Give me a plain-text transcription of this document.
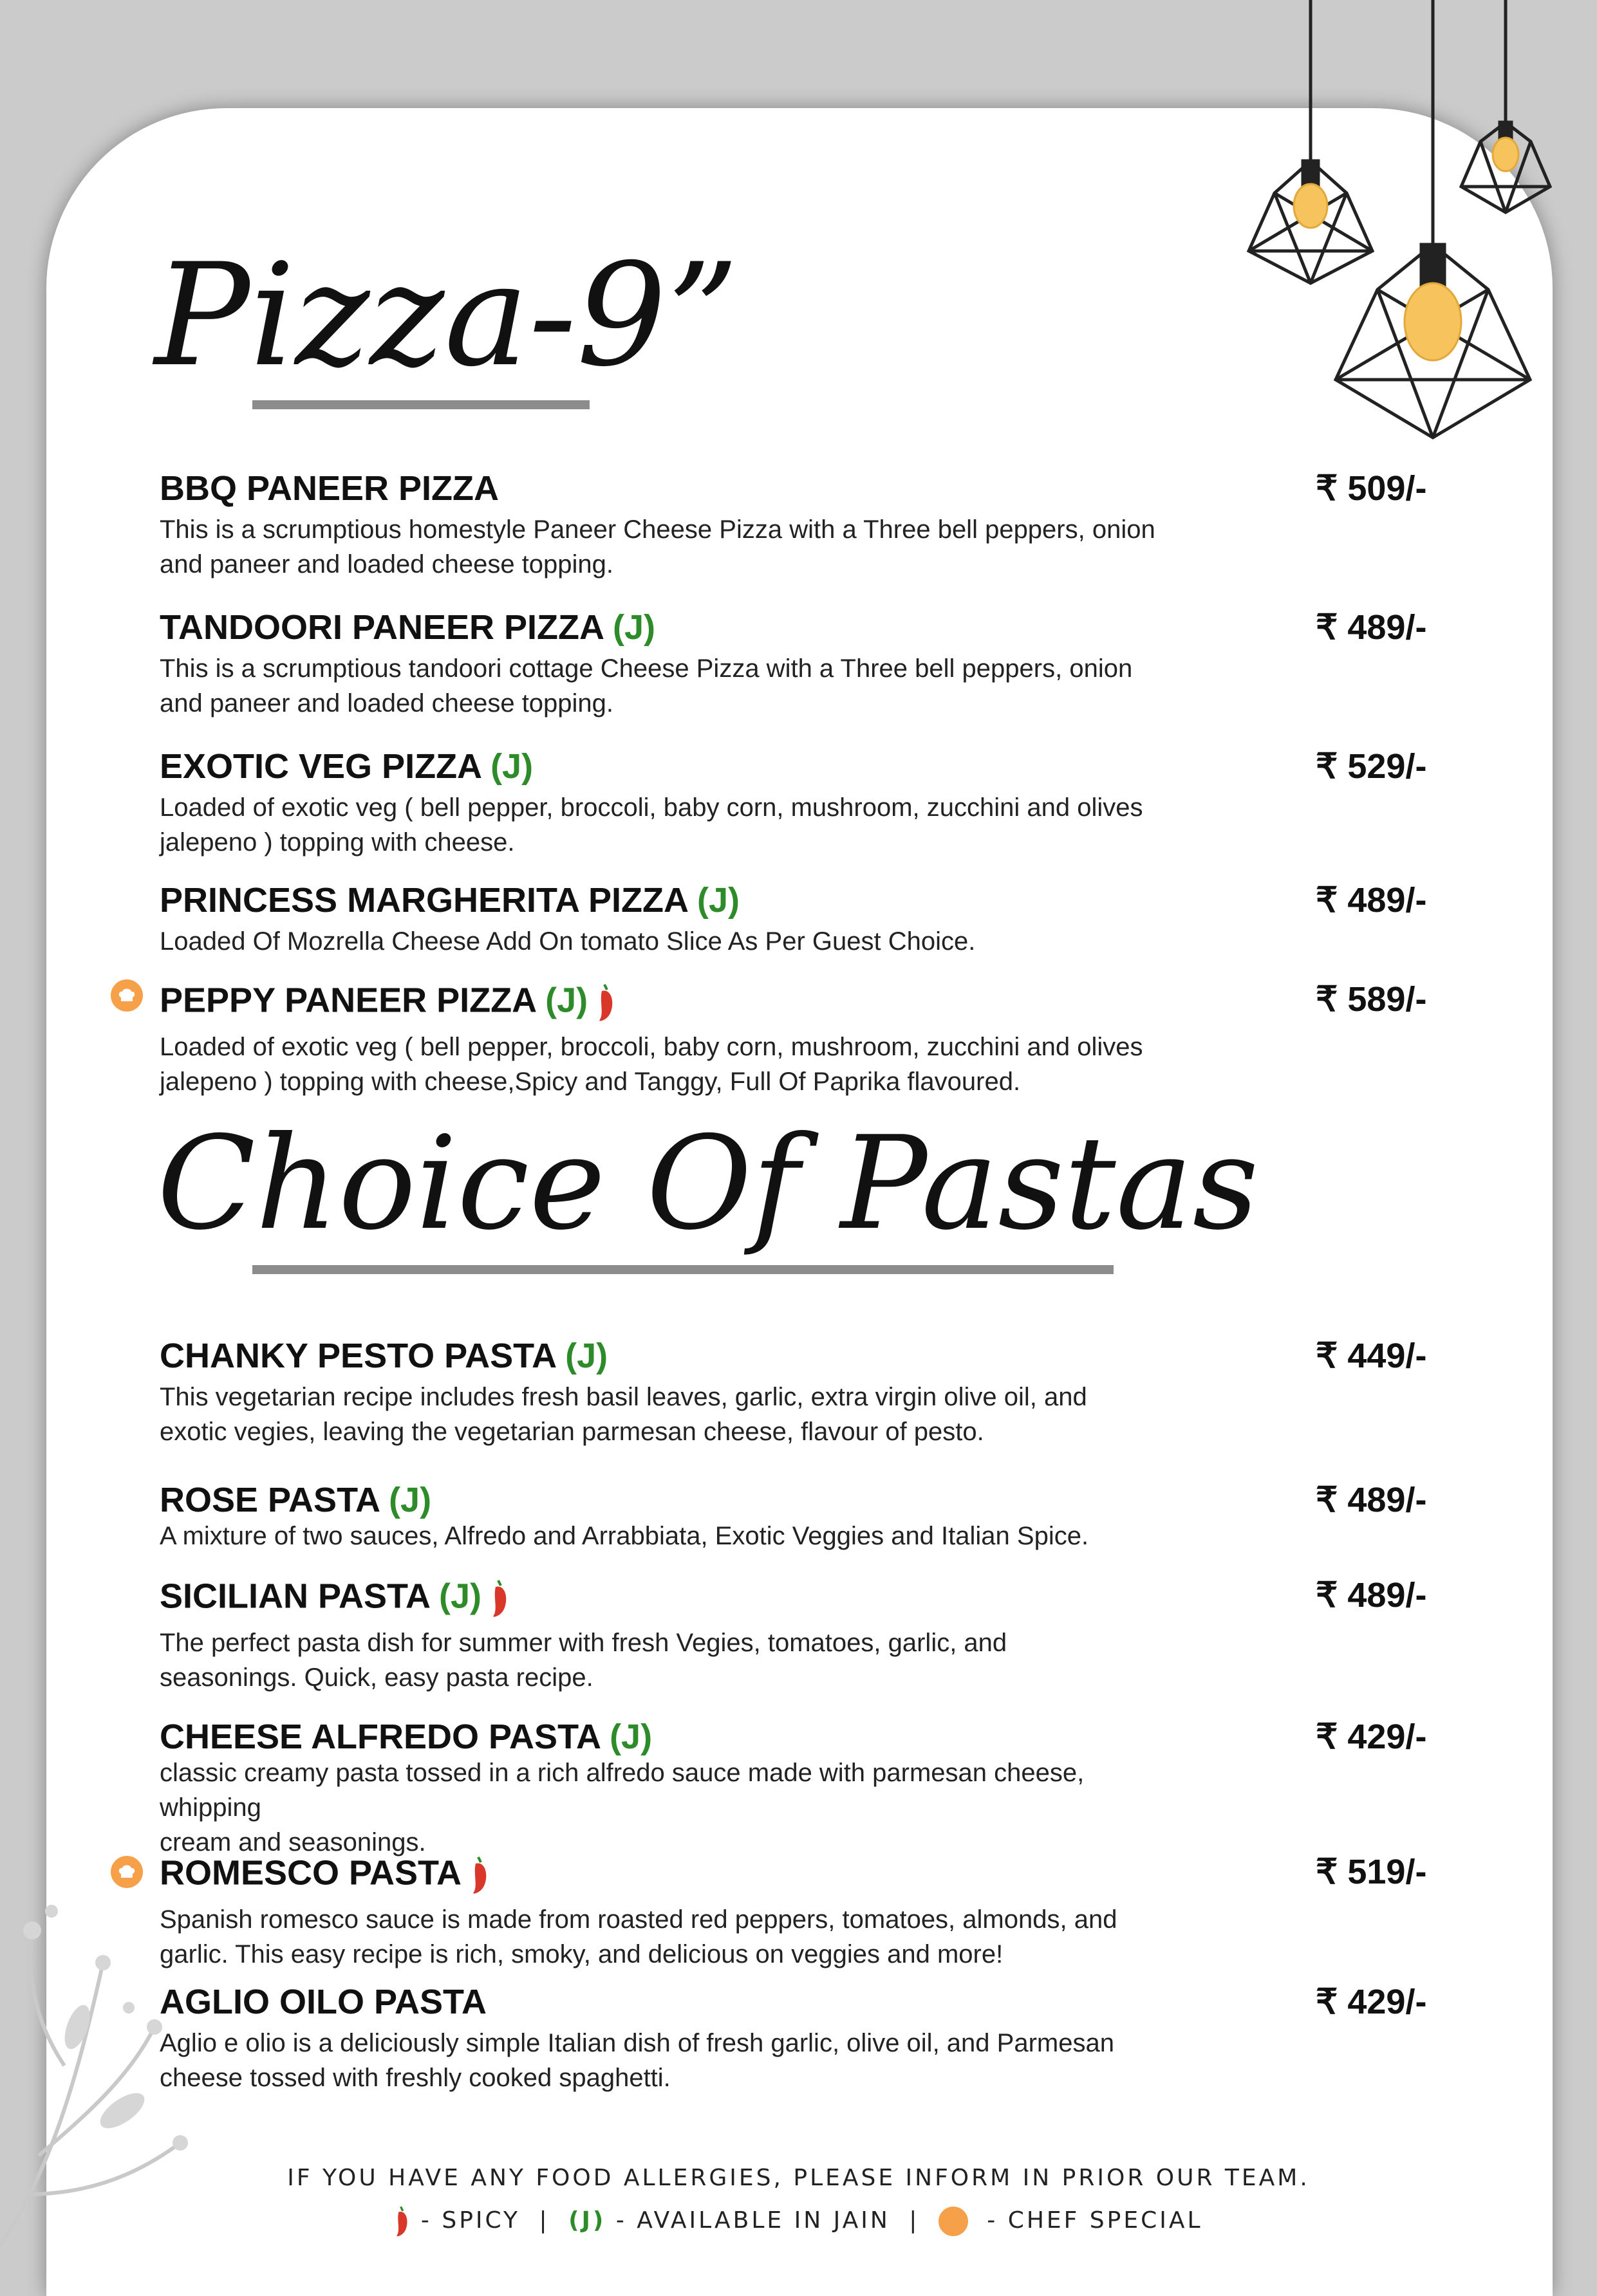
Pizza-9”
Choice Of Pastas
BBQ PANEER PIZZA
This is a scrumptious homestyle Paneer Cheese Pizza with a Three bell peppers, onion
and paneer and loaded cheese topping.
₹ 509/-
TANDOORI PANEER PIZZA (J)
This is a scrumptious tandoori cottage Cheese Pizza with a Three bell peppers, onion
and paneer and loaded cheese topping.
₹ 489/-
EXOTIC VEG PIZZA (J)
Loaded of exotic veg ( bell pepper, broccoli, baby corn, mushroom, zucchini and olives
jalepeno ) topping with cheese.
₹ 529/-
PRINCESS MARGHERITA PIZZA (J)
Loaded Of Mozrella Cheese Add On tomato Slice As Per Guest Choice.
₹ 489/-
PEPPY PANEER PIZZA (J)
Loaded of exotic veg ( bell pepper, broccoli, baby corn, mushroom, zucchini and olives
jalepeno ) topping with cheese,Spicy and Tanggy, Full Of Paprika flavoured.
₹ 589/-
CHANKY PESTO PASTA (J)
This vegetarian recipe includes fresh basil leaves, garlic, extra virgin olive oil, and
exotic vegies, leaving the vegetarian parmesan cheese, flavour of pesto.
₹ 449/-
ROSE PASTA (J)
A mixture of two sauces, Alfredo and Arrabbiata, Exotic Veggies and Italian Spice.
₹ 489/-
SICILIAN PASTA (J)
The perfect pasta dish for summer with fresh Vegies, tomatoes, garlic, and
seasonings. Quick, easy pasta recipe.
₹ 489/-
CHEESE ALFREDO PASTA (J)
classic creamy pasta tossed in a rich alfredo sauce made with parmesan cheese, whipping
cream and seasonings.
₹ 429/-
ROMESCO PASTA
Spanish romesco sauce is made from roasted red peppers, tomatoes, almonds, and
garlic. This easy recipe is rich, smoky, and delicious on veggies and more!
₹ 519/-
AGLIO OILO PASTA
Aglio e olio is a deliciously simple Italian dish of fresh garlic, olive oil, and Parmesan
cheese tossed with freshly cooked spaghetti.
₹ 429/-
IF YOU HAVE ANY FOOD ALLERGIES, PLEASE INFORM IN PRIOR OUR TEAM.
- SPICY | (J) - AVAILABLE IN JAIN |	- CHEF SPECIAL
